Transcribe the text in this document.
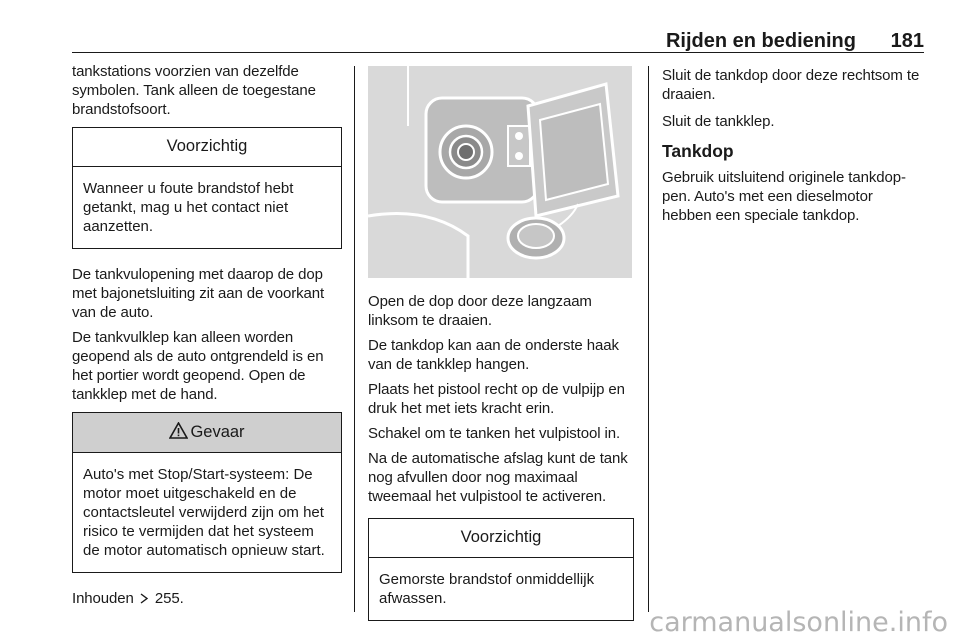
Rijden en bediening 181

tankstations voorzien van dezelfde symbolen. Tank alleen de toegestane brandstofsoort.

Voorzichtig
Wanneer u foute brandstof hebt getankt, mag u het contact niet aanzetten.

De tankvulopening met daarop de dop met bajonetsluiting zit aan de voorkant van de auto.

De tankvulklep kan alleen worden geopend als de auto ontgrendeld is en het portier wordt geopend. Open de tankklep met de hand.

Gevaar
Auto's met Stop/Start-systeem: De motor moet uitgeschakeld en de contactsleutel verwijderd zijn om het risico te vermijden dat het systeem de motor automatisch opnieuw start.

Inhouden 255.

Open de dop door deze langzaam linksom te draaien.

De tankdop kan aan de onderste haak van de tankklep hangen.

Plaats het pistool recht op de vulpijp en druk het met iets kracht erin.

Schakel om te tanken het vulpistool in.

Na de automatische afslag kunt de tank nog afvullen door nog maximaal tweemaal het vulpistool te activeren.

Voorzichtig
Gemorste brandstof onmiddellijk afwassen.

Sluit de tankdop door deze rechtsom te draaien.

Sluit de tankklep.

Tankdop

Gebruik uitsluitend originele tankdoppen. Auto's met een dieselmotor hebben een speciale tankdop.

carmanualsonline.info
